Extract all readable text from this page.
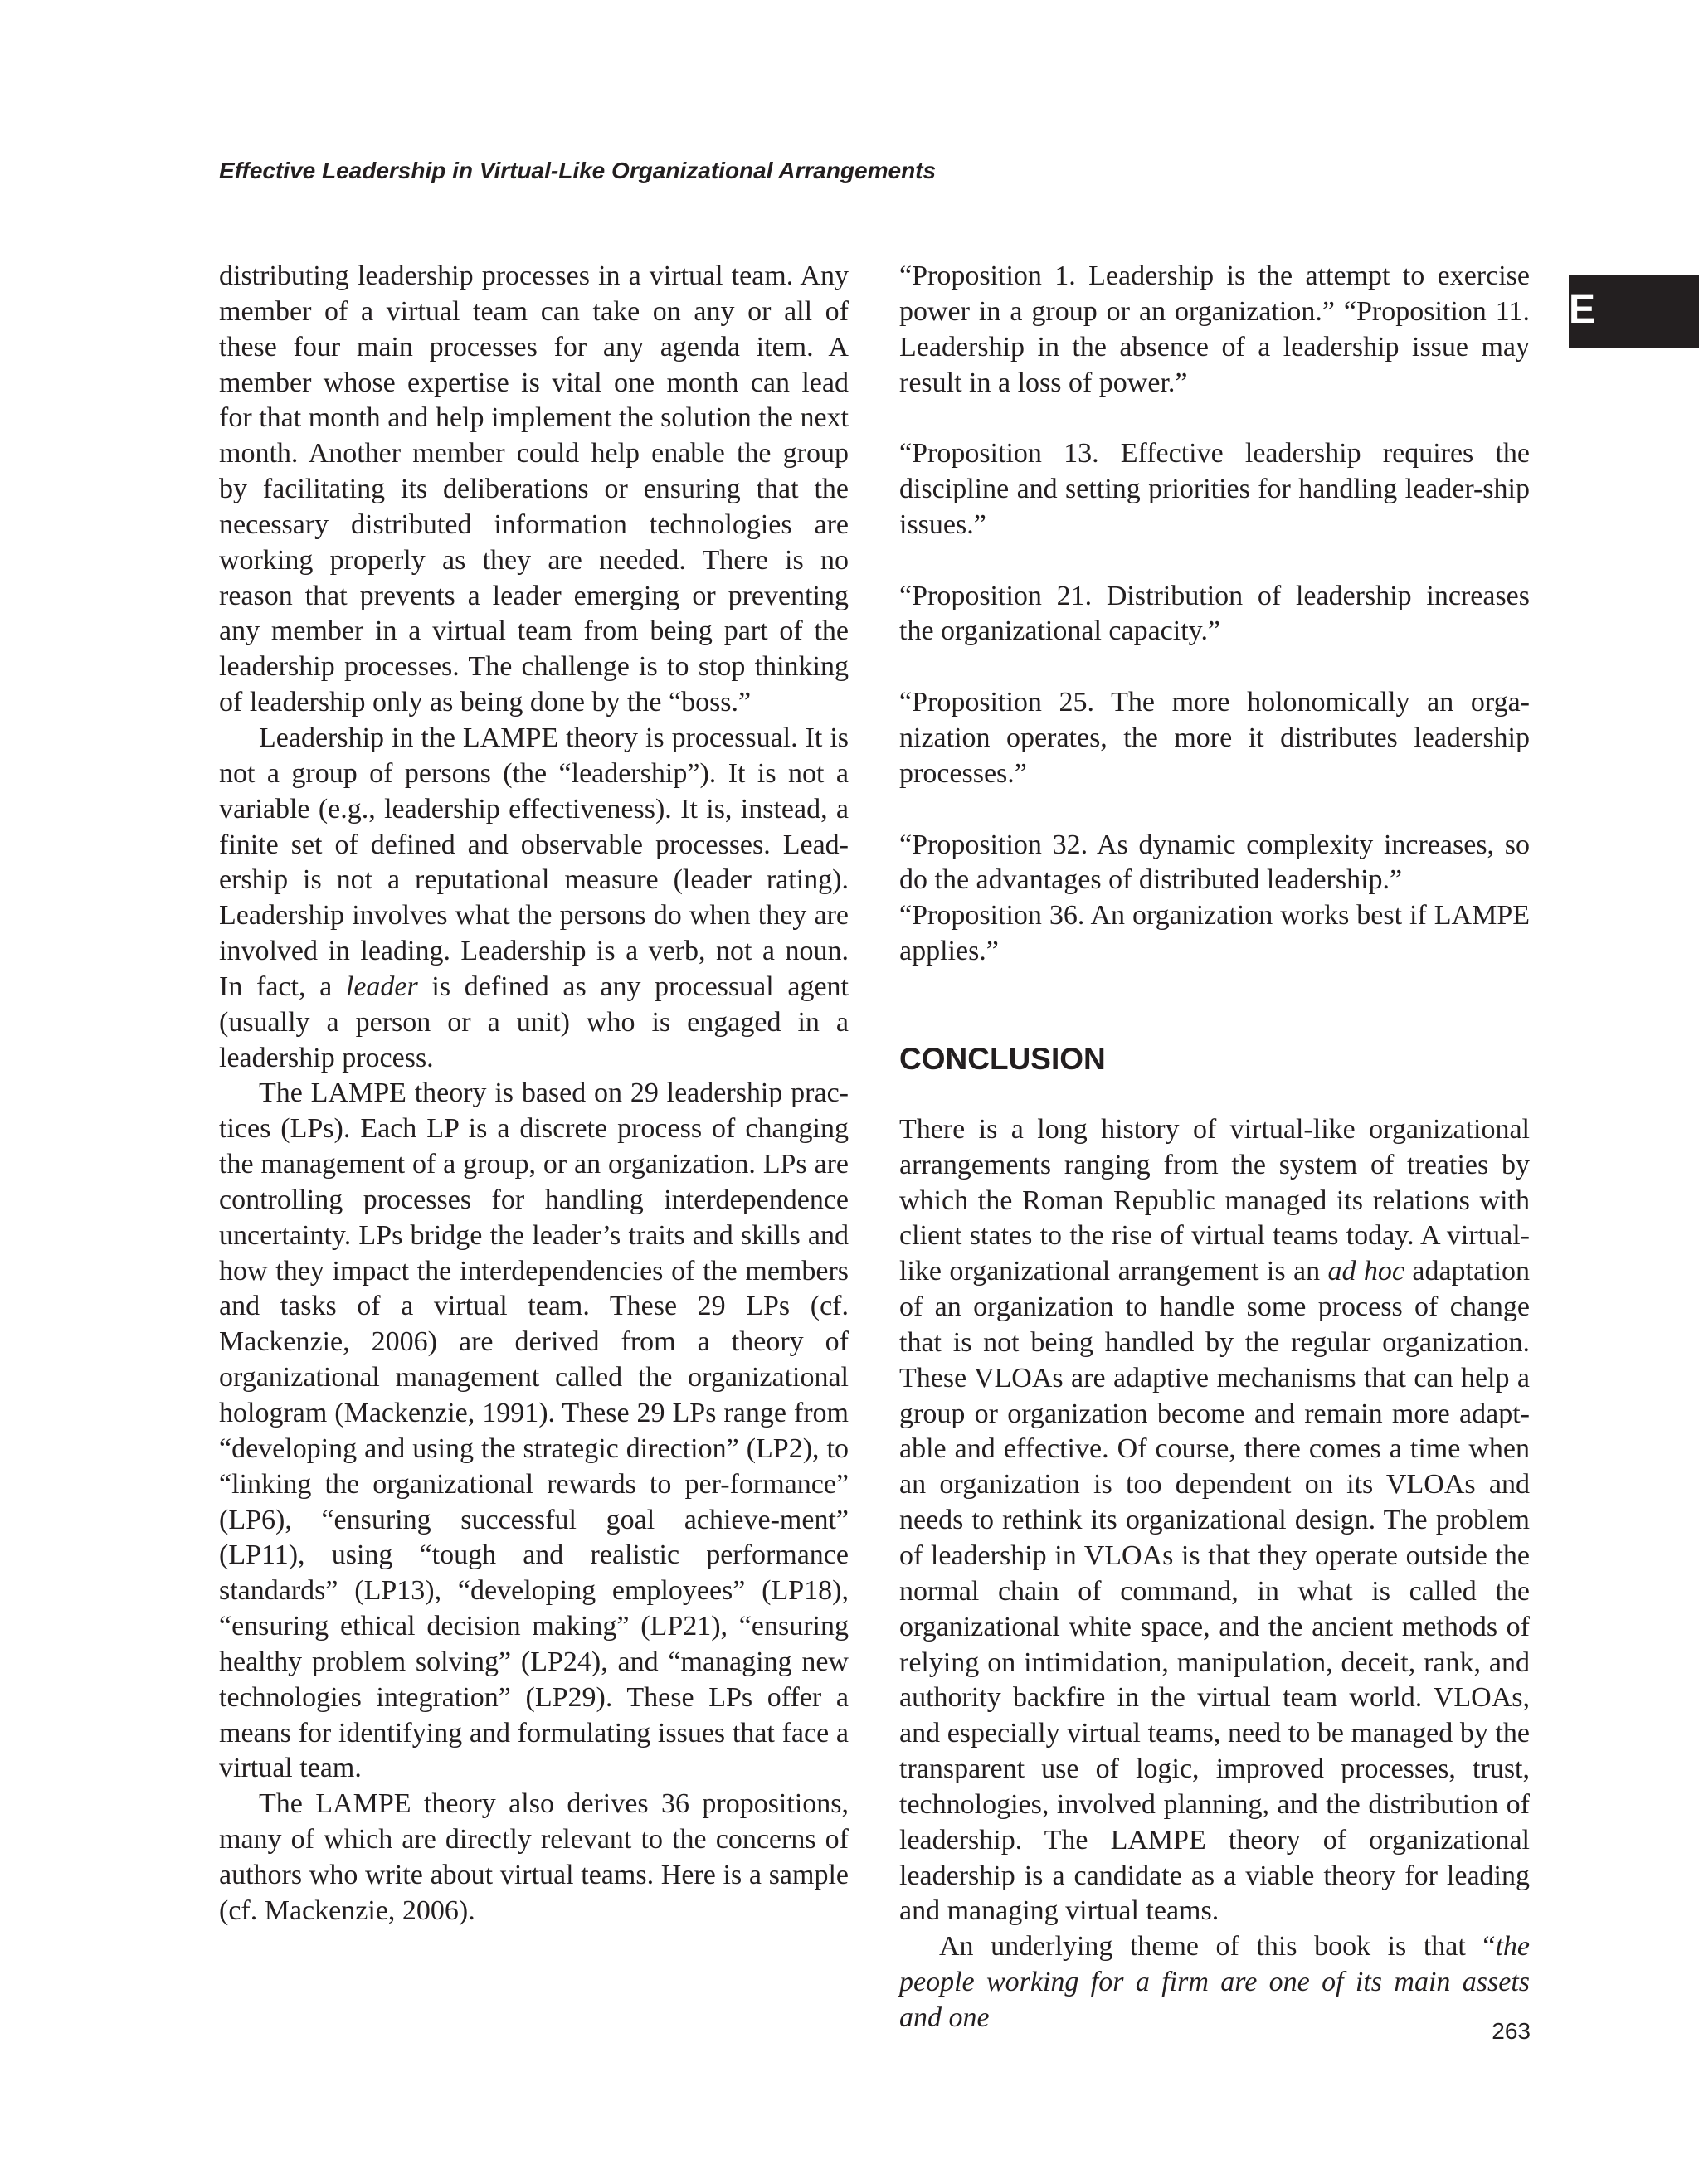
Effective Leadership in Virtual-Like Organizational Arrangements

E

distributing leadership processes in a virtual team. Any member of a virtual team can take on any or all of these four main processes for any agenda item. A member whose expertise is vital one month can lead for that month and help implement the solution the next month. Another member could help enable the group by facilitating its deliberations or ensuring that the necessary distributed information technologies are working properly as they are needed. There is no reason that prevents a leader emerging or preventing any member in a virtual team from being part of the leadership processes. The challenge is to stop thinking of leadership only as being done by the “boss.”

Leadership in the LAMPE theory is processual. It is not a group of persons (the “leadership”). It is not a variable (e.g., leadership effectiveness). It is, instead, a finite set of defined and observable processes. Lead-ership is not a reputational measure (leader rating). Leadership involves what the persons do when they are involved in leading. Leadership is a verb, not a noun. In fact, a leader is defined as any processual agent (usually a person or a unit) who is engaged in a leadership process.

The LAMPE theory is based on 29 leadership prac-tices (LPs). Each LP is a discrete process of changing the management of a group, or an organization. LPs are controlling processes for handling interdependence uncertainty. LPs bridge the leader’s traits and skills and how they impact the interdependencies of the members and tasks of a virtual team. These 29 LPs (cf. Mackenzie, 2006) are derived from a theory of organizational management called the organizational hologram (Mackenzie, 1991). These 29 LPs range from “developing and using the strategic direction” (LP2), to “linking the organizational rewards to per-formance” (LP6), “ensuring successful goal achieve-ment” (LP11), using “tough and realistic performance standards” (LP13), “developing employees” (LP18), “ensuring ethical decision making” (LP21), “ensuring healthy problem solving” (LP24), and “managing new technologies integration” (LP29). These LPs offer a means for identifying and formulating issues that face a virtual team.

The LAMPE theory also derives 36 propositions, many of which are directly relevant to the concerns of authors who write about virtual teams. Here is a sample (cf. Mackenzie, 2006).

“Proposition 1. Leadership is the attempt to exercise power in a group or an organization.” “Proposition 11. Leadership in the absence of a leadership issue may result in a loss of power.”

“Proposition 13. Effective leadership requires the discipline and setting priorities for handling leader-ship issues.”

“Proposition 21. Distribution of leadership increases the organizational capacity.”

“Proposition 25. The more holonomically an orga-nization operates, the more it distributes leadership processes.”

“Proposition 32. As dynamic complexity increases, so do the advantages of distributed leadership.”

“Proposition 36. An organization works best if LAMPE applies.”

CONCLUSION

There is a long history of virtual-like organizational arrangements ranging from the system of treaties by which the Roman Republic managed its relations with client states to the rise of virtual teams today. A virtual-like organizational arrangement is an ad hoc adaptation of an organization to handle some process of change that is not being handled by the regular organization. These VLOAs are adaptive mechanisms that can help a group or organization become and remain more adapt-able and effective. Of course, there comes a time when an organization is too dependent on its VLOAs and needs to rethink its organizational design. The problem of leadership in VLOAs is that they operate outside the normal chain of command, in what is called the organizational white space, and the ancient methods of relying on intimidation, manipulation, deceit, rank, and authority backfire in the virtual team world. VLOAs, and especially virtual teams, need to be managed by the transparent use of logic, improved processes, trust, technologies, involved planning, and the distribution of leadership. The LAMPE theory of organizational leadership is a candidate as a viable theory for leading and managing virtual teams.

An underlying theme of this book is that “the people working for a firm are one of its main assets and one	263
